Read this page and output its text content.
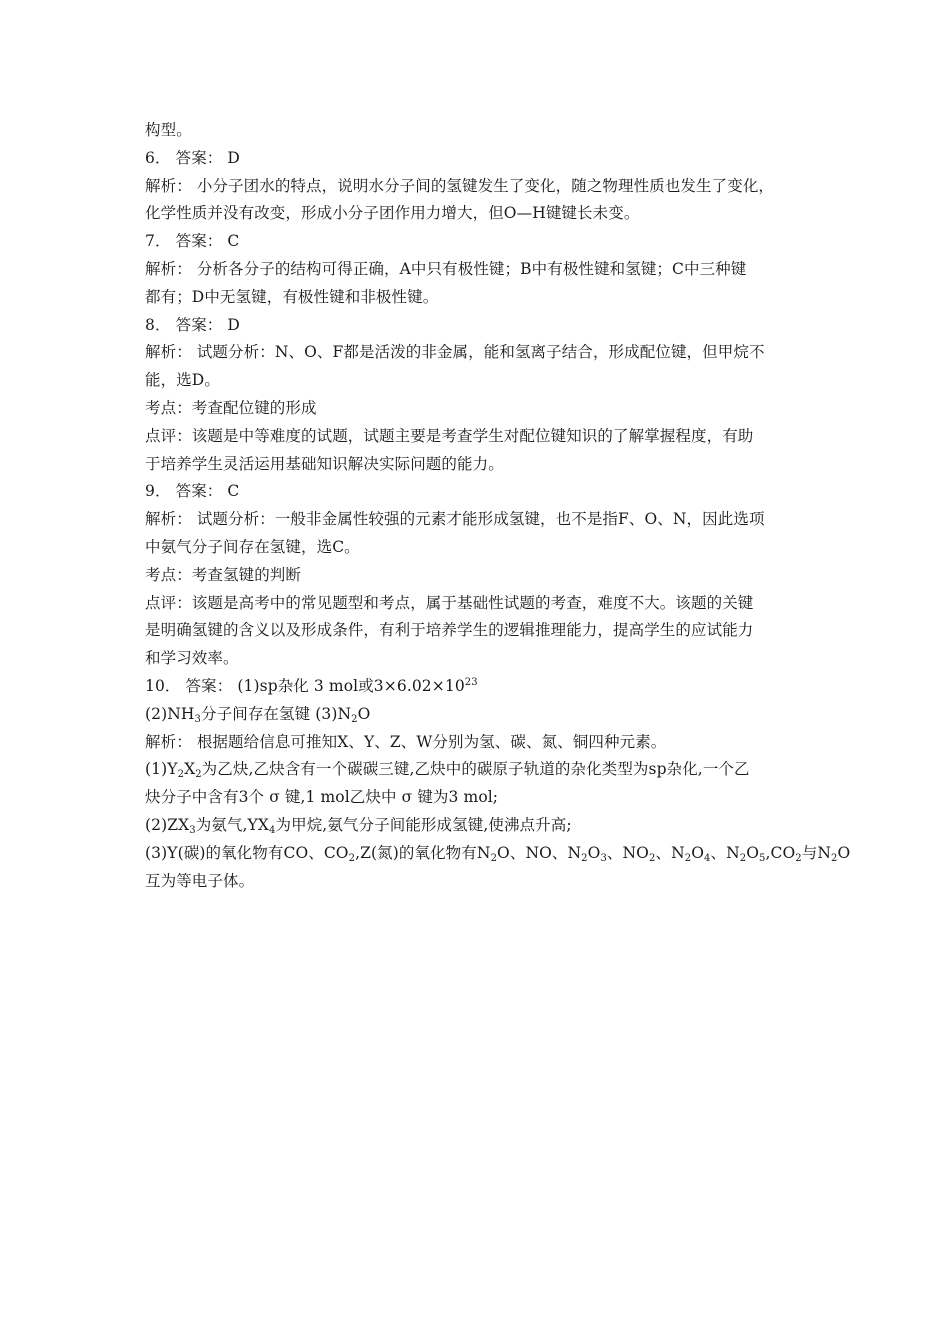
构型。
6． 答案： D
解析： 小分子团水的特点，说明水分子间的氢键发生了变化，随之物理性质也发生了变化，
化学性质并没有改变，形成小分子团作用力增大，但O—H键键长未变。
7． 答案： C
解析： 分析各分子的结构可得正确，A中只有极性键；B中有极性键和氢键；C中三种键
都有；D中无氢键，有极性键和非极性键。
8． 答案： D
解析： 试题分析：N、O、F都是活泼的非金属，能和氢离子结合，形成配位键，但甲烷不
能，选D。
考点：考查配位键的形成
点评：该题是中等难度的试题，试题主要是考查学生对配位键知识的了解掌握程度，有助
于培养学生灵活运用基础知识解决实际问题的能力。
9． 答案： C
解析： 试题分析：一般非金属性较强的元素才能形成氢键，也不是指F、O、N，因此选项
中氨气分子间存在氢键，选C。
考点：考查氢键的判断
点评：该题是高考中的常见题型和考点，属于基础性试题的考查，难度不大。该题的关键
是明确氢键的含义以及形成条件，有利于培养学生的逻辑推理能力，提高学生的应试能力
和学习效率。
10． 答案： (1)sp杂化 3 mol或$3\times 6.02\times 10^{23}$
$(2)NH_3$分子间存在氢键 $(3)N_2O$
解析： 根据题给信息可推知X、Y、Z、W分别为氢、碳、氮、铜四种元素。
$(1)Y_2X_2$为乙炔,乙炔含有一个碳碳三键,乙炔中的碳原子轨道的杂化类型为sp杂化,一个乙
炔分子中含有3个 σ 键,1 mol乙炔中 σ 键为3 mol;
$(2)ZX_3$为氨气$,YX_4$为甲烷,氨气分子间能形成氢键,使沸点升高;
(3)Y(碳)的氧化物有CO、$CO_2,Z$(氮)的氧化物有$N_2O$、NO、$N_2O_3$、$NO_2$、$N_2O_4$、$N_2O_5,CO_2$与$N_2O$
互为等电子体。
